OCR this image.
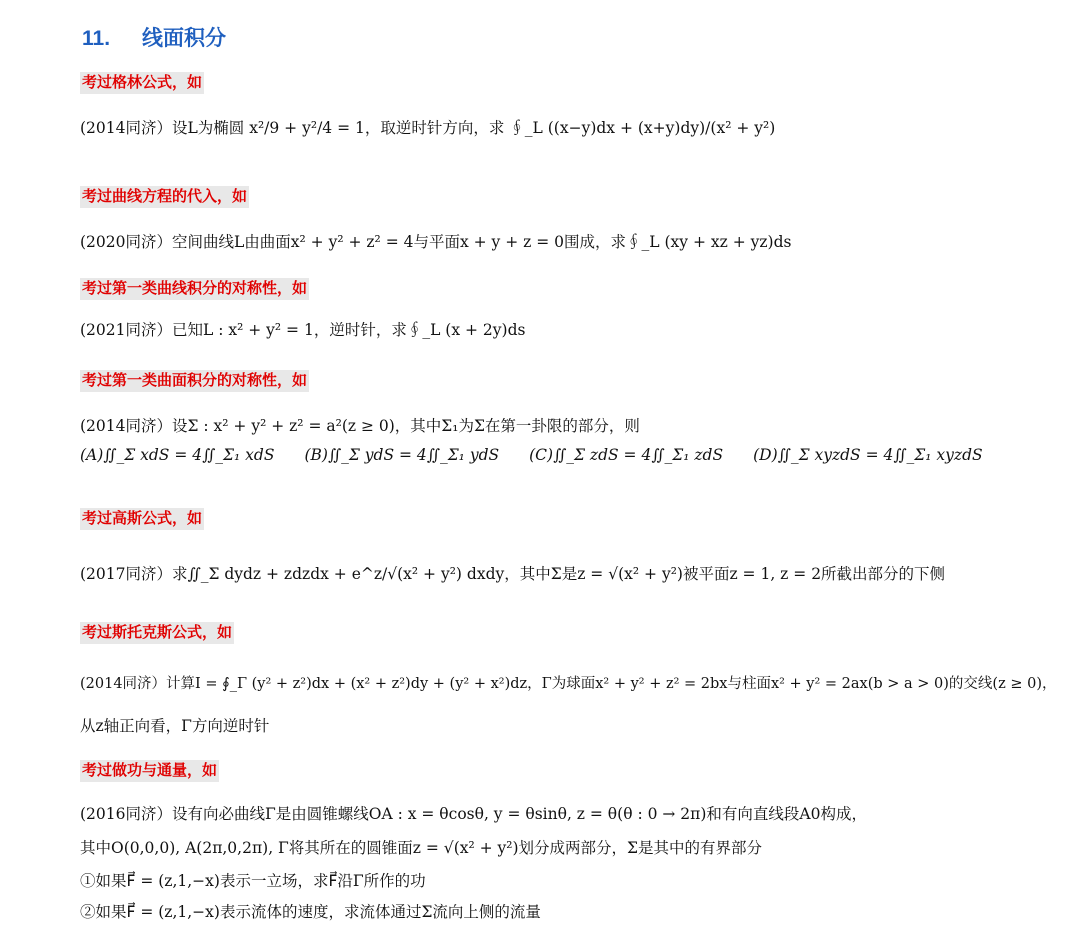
11. 线面积分
考过格林公式，如
(2014同济）设L为椭圆 x²/9 + y²/4 = 1，取逆时针方向，求 ∮_L ((x−y)dx + (x+y)dy)/(x² + y²)
考过曲线方程的代入，如
(2020同济）空间曲线L由曲面x² + y² + z² = 4与平面x + y + z = 0围成，求∮_L (xy + xz + yz)ds
考过第一类曲线积分的对称性，如
(2021同济）已知L : x² + y² = 1，逆时针，求∮_L (x + 2y)ds
考过第一类曲面积分的对称性，如
(2014同济）设Σ : x² + y² + z² = a²(z ≥ 0)，其中Σ₁为Σ在第一卦限的部分，则
(A)∬_Σ xdS = 4∬_Σ₁ xdS (B)∬_Σ ydS = 4∬_Σ₁ ydS (C)∬_Σ zdS = 4∬_Σ₁ zdS (D)∬_Σ xyzdS = 4∬_Σ₁ xyzdS
考过高斯公式，如
(2017同济）求∬_Σ dydz + zdzdx + e^z/√(x² + y²) dxdy，其中Σ是z = √(x² + y²)被平面z = 1, z = 2所截出部分的下侧
考过斯托克斯公式，如
(2014同济）计算I = ∮_Γ (y² + z²)dx + (x² + z²)dy + (y² + x²)dz，Γ为球面x² + y² + z² = 2bx与柱面x² + y² = 2ax(b > a > 0)的交线(z ≥ 0)，
从z轴正向看，Γ方向逆时针
考过做功与通量，如
(2016同济）设有向必曲线Γ是由圆锥螺线OA : x = θcosθ, y = θsinθ, z = θ(θ : 0 → 2π)和有向直线段A0构成，
其中O(0,0,0), A(2π,0,2π), Γ将其所在的圆锥面z = √(x² + y²)划分成两部分，Σ是其中的有界部分
①如果F⃗ = (z,1,−x)表示一立场，求F⃗沿Γ所作的功
②如果F⃗ = (z,1,−x)表示流体的速度，求流体通过Σ流向上侧的流量
